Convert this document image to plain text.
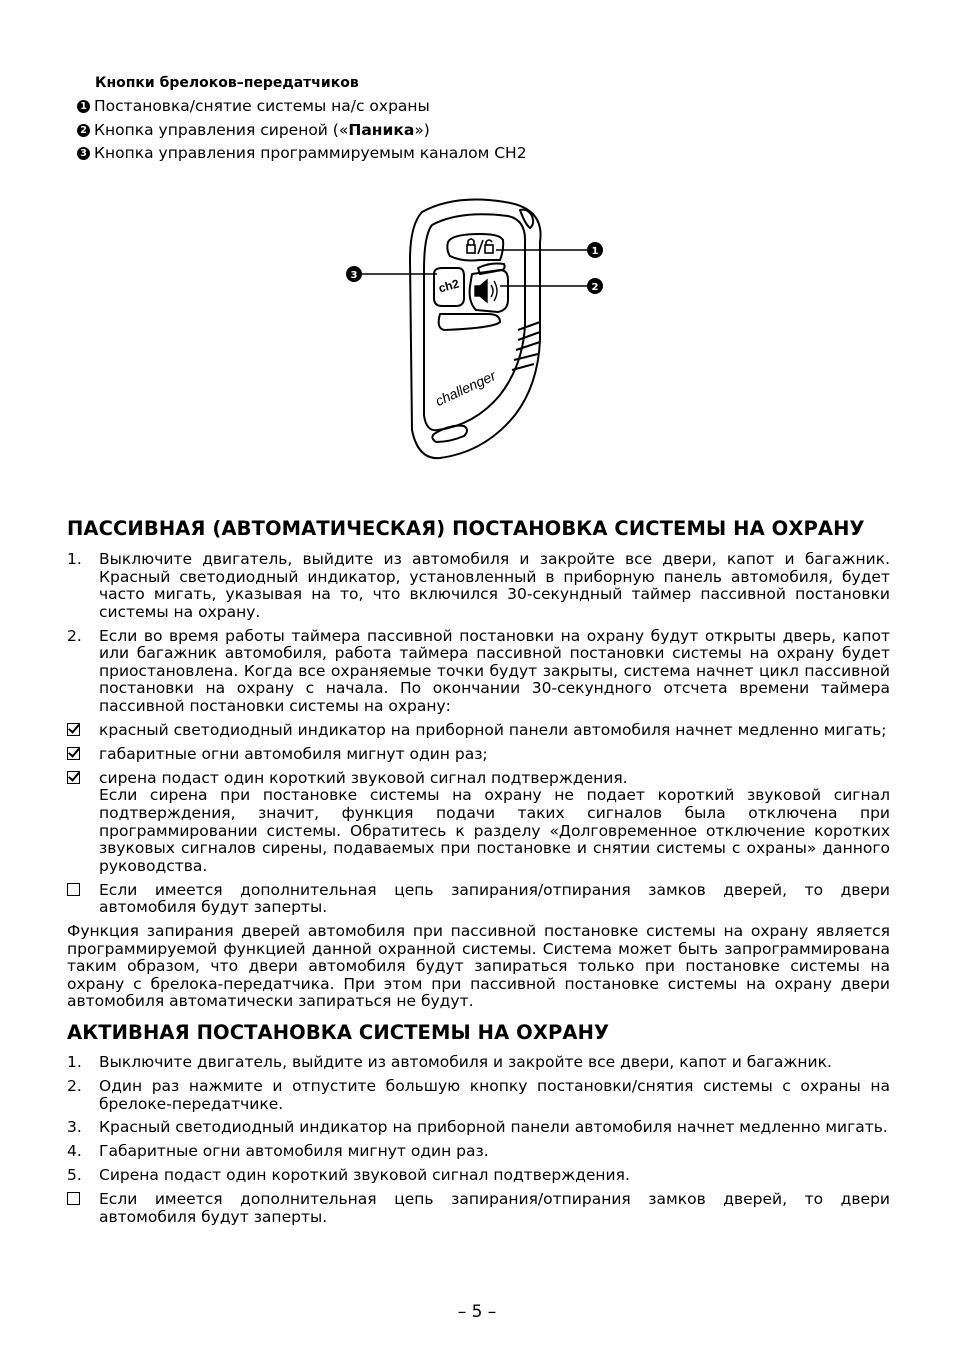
Кнопки брелоков–передатчиков
1 Постановка/снятие системы на/с охраны
2 Кнопка управления сиреной (« Паника »)
3 Кнопка управления программируемым каналом СН2
ch2
challenger
1
2
3
ПАССИВНАЯ (АВТОМАТИЧЕСКАЯ) ПОСТАНОВКА СИСТЕМЫ НА ОХРАНУ
1.	Выключите двигатель, выйдите из автомобиля и закройте все двери, капот и багажник. Красный светодиодный индикатор, установленный в приборную панель автомобиля, будет часто мигать, указывая на то, что включился 30-секундный таймер пассивной постановки системы на охрану.
2.	Если во время работы таймера пассивной постановки на охрану будут открыты дверь, капот или багажник автомобиля, работа таймера пассивной постановки системы на охрану будет приостановлена. Когда все охраняемые точки будут закрыты, система начнет цикл пассивной постановки на охрану с начала. По окончании 30-секундного отсчета времени таймера пассивной постановки системы на охрану:
красный светодиодный индикатор на приборной панели автомобиля начнет медленно мигать;
габаритные огни автомобиля мигнут один раз;

сирена подаст один короткий звуковой сигнал подтверждения.

Если сирена при постановке системы на охрану не подает короткий звуковой сигнал подтверждения, значит, функция подачи таких сигналов была отключена при программировании системы. Обратитесь к разделу «Долговременное отключение коротких звуковых сигналов сирены, подаваемых при постановке и снятии системы с охраны» данного руководства.

Если имеется дополнительная цепь запирания/отпирания замков дверей, то двери автомобиля будут заперты.

Функция запирания дверей автомобиля при пассивной постановке системы на охрану является программируемой функцией данной охранной системы. Система может быть запрограммирована таким образом, что двери автомобиля будут запираться только при постановке системы на охрану с брелока-передатчика. При этом при пассивной постановке системы на охрану двери автомобиля автоматически запираться не будут.

АКТИВНАЯ ПОСТАНОВКА СИСТЕМЫ НА ОХРАНУ
1.	Выключите двигатель, выйдите из автомобиля и закройте все двери, капот и багажник.
2.	Один раз нажмите и отпустите большую кнопку постановки/снятия системы с охраны на брелоке-передатчике.
3.	Красный светодиодный индикатор на приборной панели автомобиля начнет медленно мигать.
4.	Габаритные огни автомобиля мигнут один раз.
5.	Сирена подаст один короткий звуковой сигнал подтверждения.
Если имеется дополнительная цепь запирания/отпирания замков дверей, то двери автомобиля будут заперты.
– 5 –
